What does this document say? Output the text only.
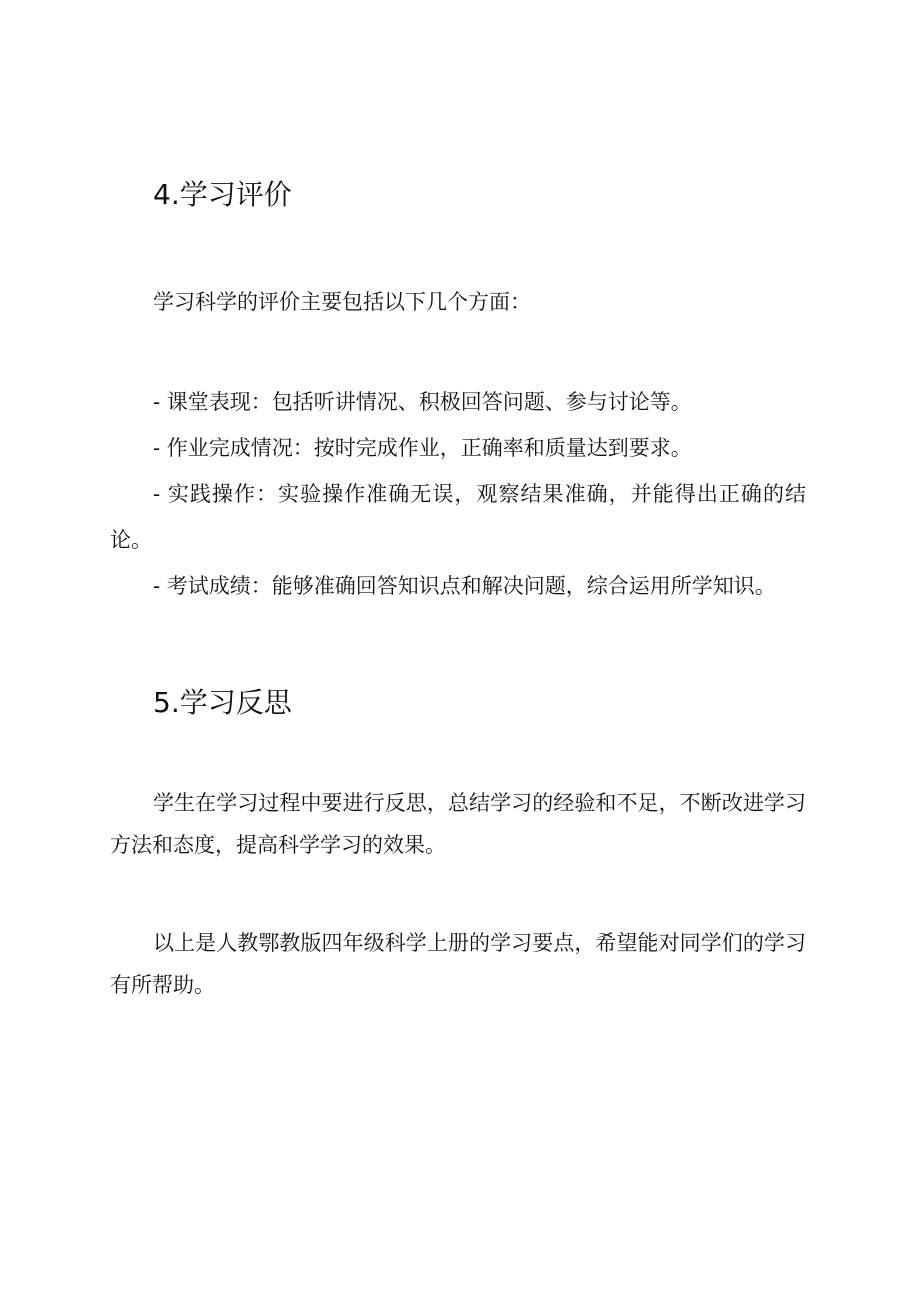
4.学习评价

学习科学的评价主要包括以下几个方面：

- 课堂表现：包括听讲情况、积极回答问题、参与讨论等。
- 作业完成情况：按时完成作业，正确率和质量达到要求。
- 实践操作：实验操作准确无误，观察结果准确，并能得出正确的结论。
- 考试成绩：能够准确回答知识点和解决问题，综合运用所学知识。
5.学习反思

学生在学习过程中要进行反思，总结学习的经验和不足，不断改进学习方法和态度，提高科学学习的效果。

以上是人教鄂教版四年级科学上册的学习要点，希望能对同学们的学习有所帮助。
